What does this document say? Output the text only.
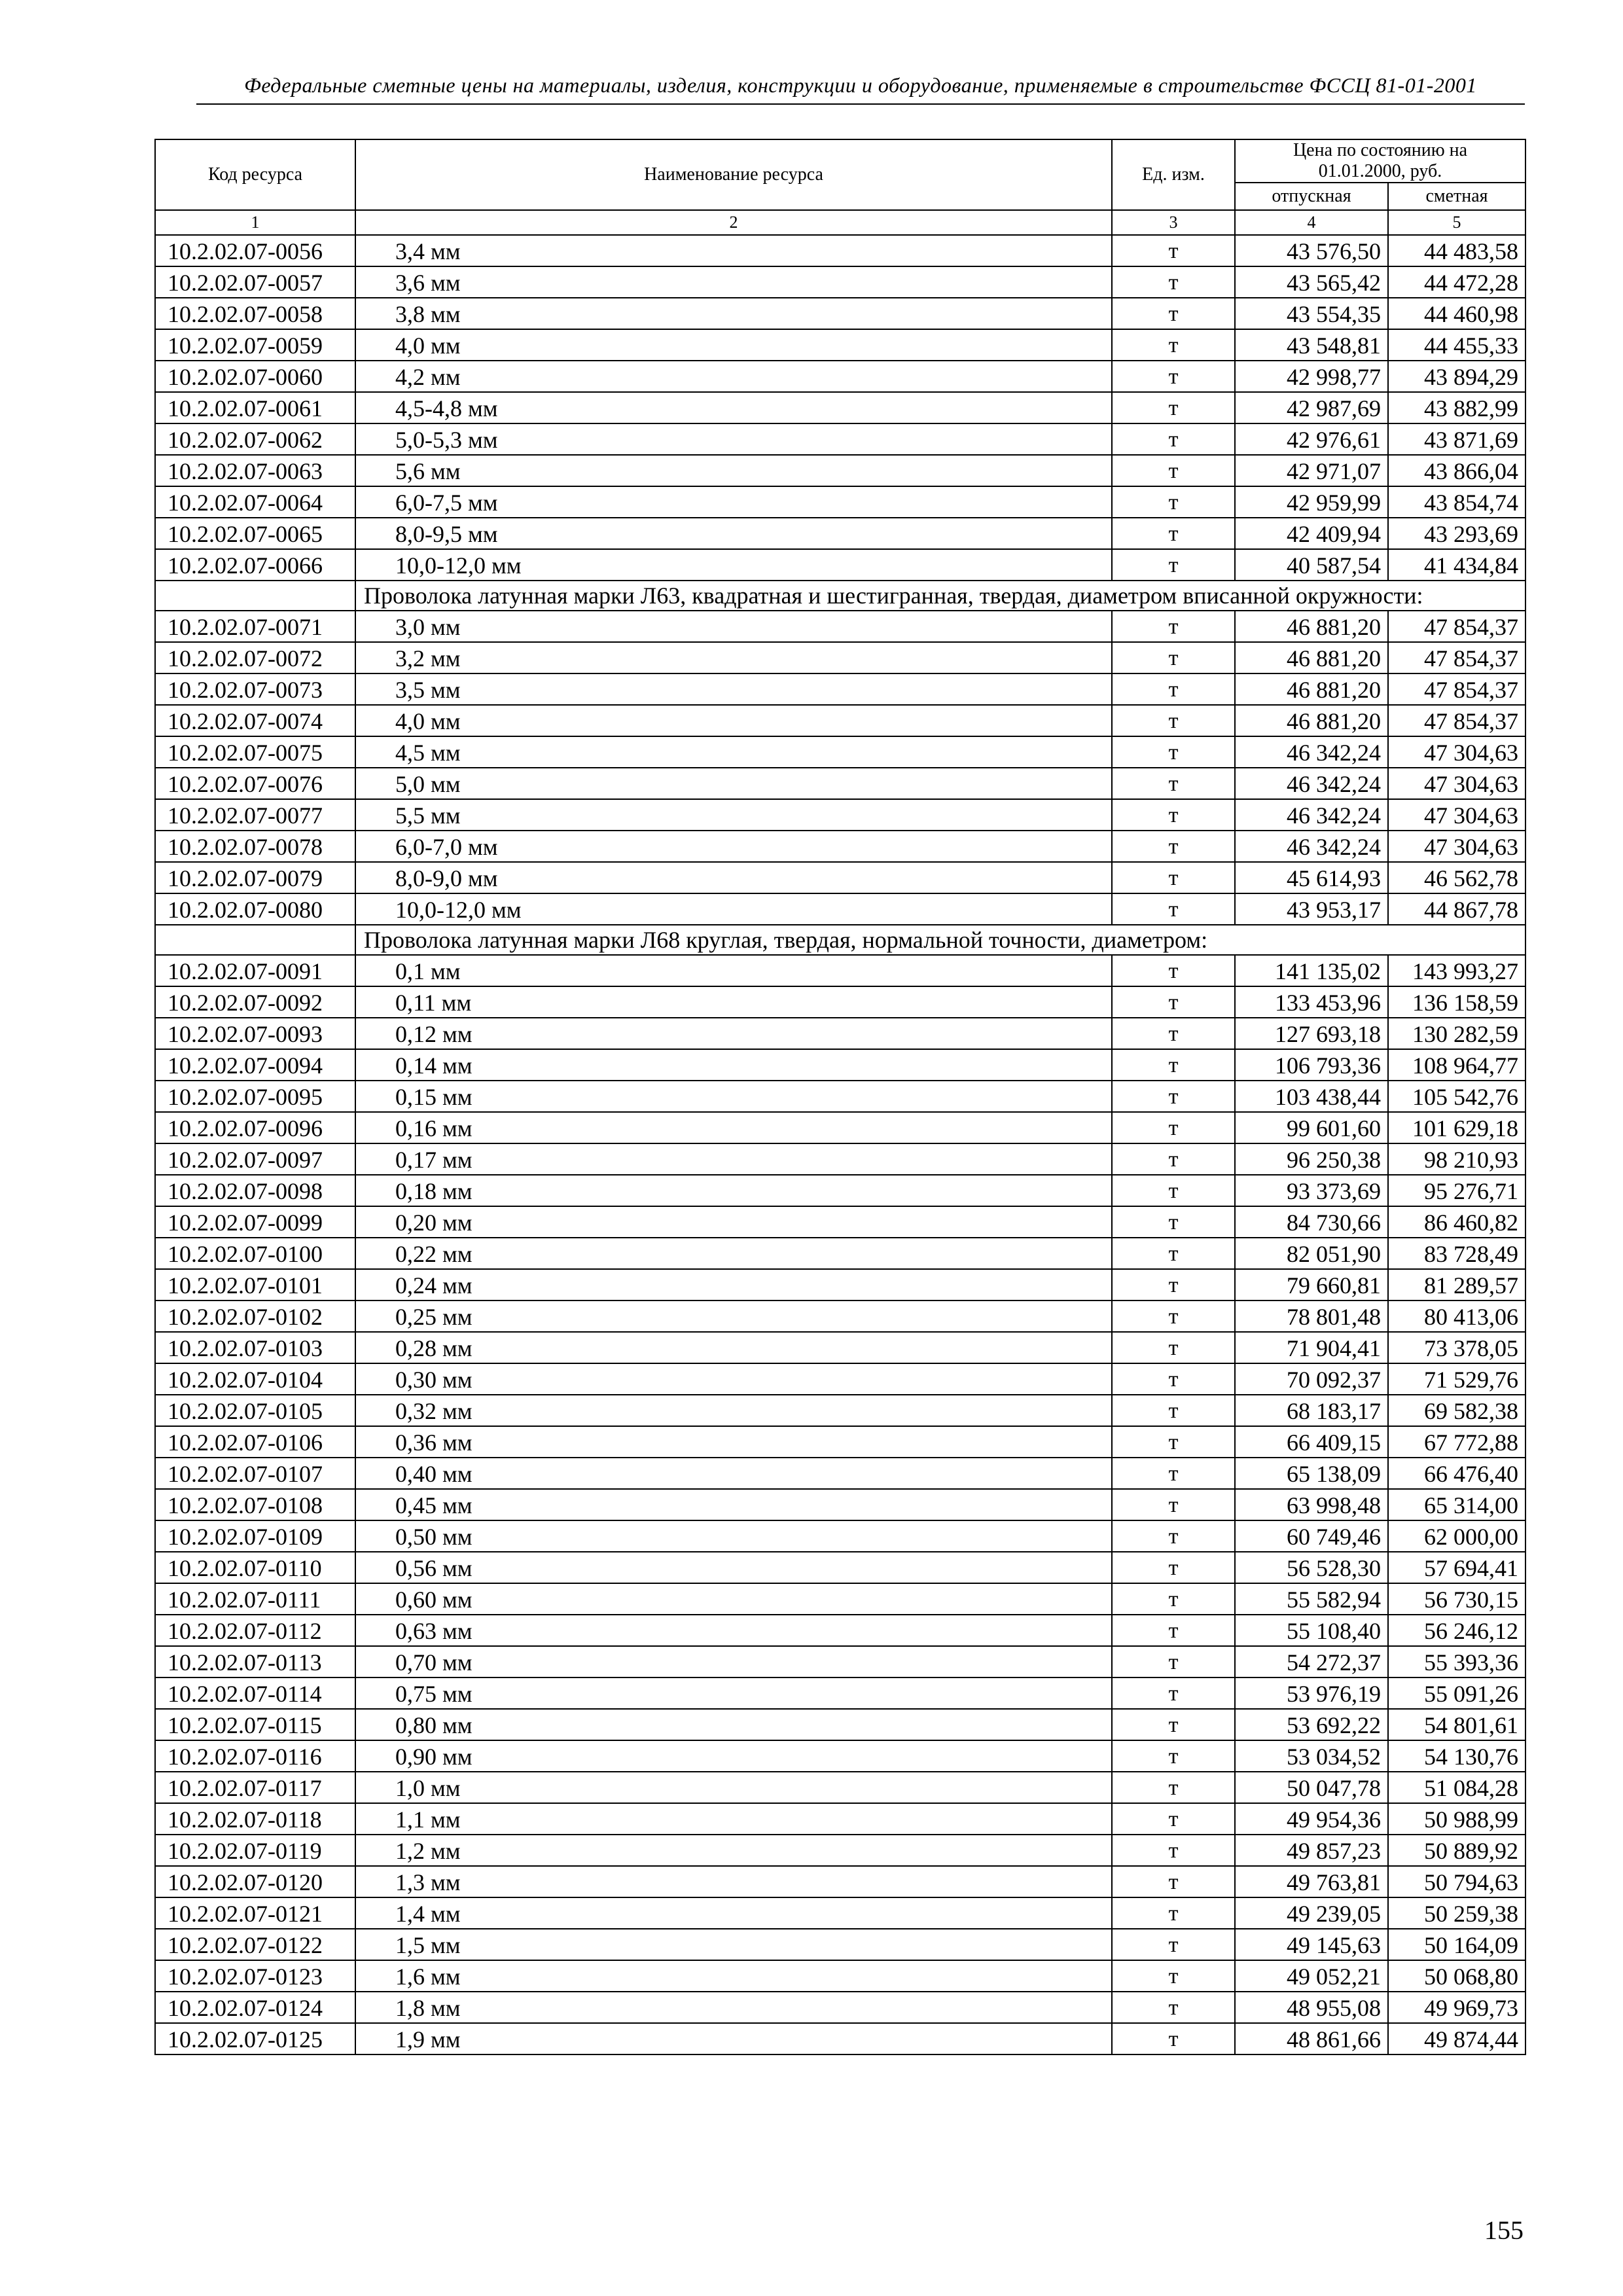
Федеральные сметные цены на материалы, изделия, конструкции и оборудование, применяемые в строительстве ФССЦ 81-01-2001
Код ресурса	Наименование ресурса	Ед. изм.	Цена по состоянию на 01.01.2000, руб.	
			отпускная	сметная
1	2	3	4	5
10.2.02.07-0056	3,4 мм	т	43 576,50	44 483,58
10.2.02.07-0057	3,6 мм	т	43 565,42	44 472,28
10.2.02.07-0058	3,8 мм	т	43 554,35	44 460,98
10.2.02.07-0059	4,0 мм	т	43 548,81	44 455,33
10.2.02.07-0060	4,2 мм	т	42 998,77	43 894,29
10.2.02.07-0061	4,5-4,8 мм	т	42 987,69	43 882,99
10.2.02.07-0062	5,0-5,3 мм	т	42 976,61	43 871,69
10.2.02.07-0063	5,6 мм	т	42 971,07	43 866,04
10.2.02.07-0064	6,0-7,5 мм	т	42 959,99	43 854,74
10.2.02.07-0065	8,0-9,5 мм	т	42 409,94	43 293,69
10.2.02.07-0066	10,0-12,0 мм	т	40 587,54	41 434,84
	Проволока латунная марки Л63, квадратная и шестигранная, твердая, диаметром вписанной окружности:			
10.2.02.07-0071	3,0 мм	т	46 881,20	47 854,37
10.2.02.07-0072	3,2 мм	т	46 881,20	47 854,37
10.2.02.07-0073	3,5 мм	т	46 881,20	47 854,37
10.2.02.07-0074	4,0 мм	т	46 881,20	47 854,37
10.2.02.07-0075	4,5 мм	т	46 342,24	47 304,63
10.2.02.07-0076	5,0 мм	т	46 342,24	47 304,63
10.2.02.07-0077	5,5 мм	т	46 342,24	47 304,63
10.2.02.07-0078	6,0-7,0 мм	т	46 342,24	47 304,63
10.2.02.07-0079	8,0-9,0 мм	т	45 614,93	46 562,78
10.2.02.07-0080	10,0-12,0 мм	т	43 953,17	44 867,78
	Проволока латунная марки Л68 круглая, твердая, нормальной точности, диаметром:			
10.2.02.07-0091	0,1 мм	т	141 135,02	143 993,27
10.2.02.07-0092	0,11 мм	т	133 453,96	136 158,59
10.2.02.07-0093	0,12 мм	т	127 693,18	130 282,59
10.2.02.07-0094	0,14 мм	т	106 793,36	108 964,77
10.2.02.07-0095	0,15 мм	т	103 438,44	105 542,76
10.2.02.07-0096	0,16 мм	т	99 601,60	101 629,18
10.2.02.07-0097	0,17 мм	т	96 250,38	98 210,93
10.2.02.07-0098	0,18 мм	т	93 373,69	95 276,71
10.2.02.07-0099	0,20 мм	т	84 730,66	86 460,82
10.2.02.07-0100	0,22 мм	т	82 051,90	83 728,49
10.2.02.07-0101	0,24 мм	т	79 660,81	81 289,57
10.2.02.07-0102	0,25 мм	т	78 801,48	80 413,06
10.2.02.07-0103	0,28 мм	т	71 904,41	73 378,05
10.2.02.07-0104	0,30 мм	т	70 092,37	71 529,76
10.2.02.07-0105	0,32 мм	т	68 183,17	69 582,38
10.2.02.07-0106	0,36 мм	т	66 409,15	67 772,88
10.2.02.07-0107	0,40 мм	т	65 138,09	66 476,40
10.2.02.07-0108	0,45 мм	т	63 998,48	65 314,00
10.2.02.07-0109	0,50 мм	т	60 749,46	62 000,00
10.2.02.07-0110	0,56 мм	т	56 528,30	57 694,41
10.2.02.07-0111	0,60 мм	т	55 582,94	56 730,15
10.2.02.07-0112	0,63 мм	т	55 108,40	56 246,12
10.2.02.07-0113	0,70 мм	т	54 272,37	55 393,36
10.2.02.07-0114	0,75 мм	т	53 976,19	55 091,26
10.2.02.07-0115	0,80 мм	т	53 692,22	54 801,61
10.2.02.07-0116	0,90 мм	т	53 034,52	54 130,76
10.2.02.07-0117	1,0 мм	т	50 047,78	51 084,28
10.2.02.07-0118	1,1 мм	т	49 954,36	50 988,99
10.2.02.07-0119	1,2 мм	т	49 857,23	50 889,92
10.2.02.07-0120	1,3 мм	т	49 763,81	50 794,63
10.2.02.07-0121	1,4 мм	т	49 239,05	50 259,38
10.2.02.07-0122	1,5 мм	т	49 145,63	50 164,09
10.2.02.07-0123	1,6 мм	т	49 052,21	50 068,80
10.2.02.07-0124	1,8 мм	т	48 955,08	49 969,73
10.2.02.07-0125	1,9 мм	т	48 861,66	49 874,44
155
